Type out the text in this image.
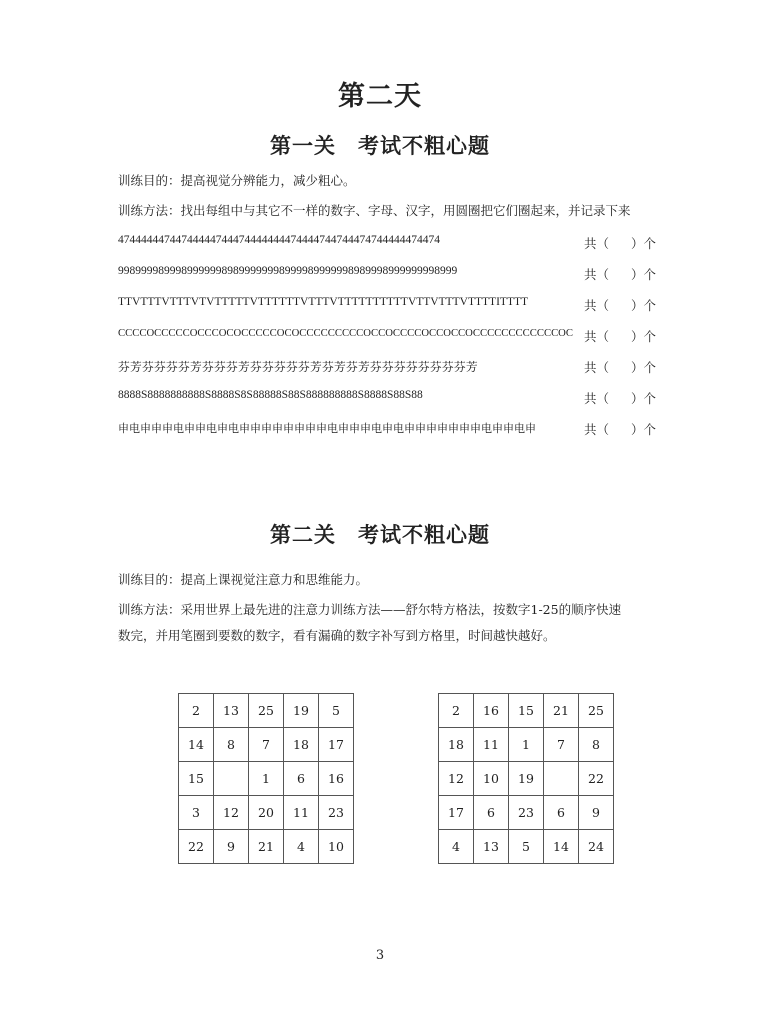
第二天
第一关 考试不粗心题
训练目的：提高视觉分辨能力，减少粗心。
训练方法：找出每组中与其它不一样的数字、字母、汉字，用圆圈把它们圈起来，并记录下来
47444444744744444744474444444474444744744474744444474474	共（ ）个
99899998999899999989899999998999989999998989998999999998999	共（ ）个
TTVTTTVTTTVTVTTTTTVTTTTTTVTTTVTTTTTTTTTTVTTVTTTVTTTTITTTT	共（ ）个
CCCCOCCCCCOCCCOCOCCCCCOCOCCCCCCCCCOCCOCCCCOCCOCCOCCCCCCCCCCCCOC 共（ ）个
芬芳芬芬芬芬芳芬芬芬芳芬芬芬芬芬芳芬芳芬芳芬芬芬芬芬芬芬芬芳	共（ ）个
8888S8888888888S8888S8S88888S88S888888888S8888S88S88	共（ ）个
申电申申申电申申电申电申申申申申申申申电申申申电申电申申申申申申申电申申电申	共（ ）个
第二关 考试不粗心题
训练目的：提高上课视觉注意力和思维能力。
训练方法：采用世界上最先进的注意力训练方法——舒尔特方格法，按数字1-25的顺序快速
数完，并用笔圈到要数的数字，看有漏确的数字补写到方格里，时间越快越好。
2	13	25	19	5
14	8	7	18	17
15		1	6	16
3	12	20	11	23
22	9	21	4	10
2	16	15	21	25
18	11	1	7	8
12	10	19		22
17	6	23	6	9
4	13	5	14	24
3
